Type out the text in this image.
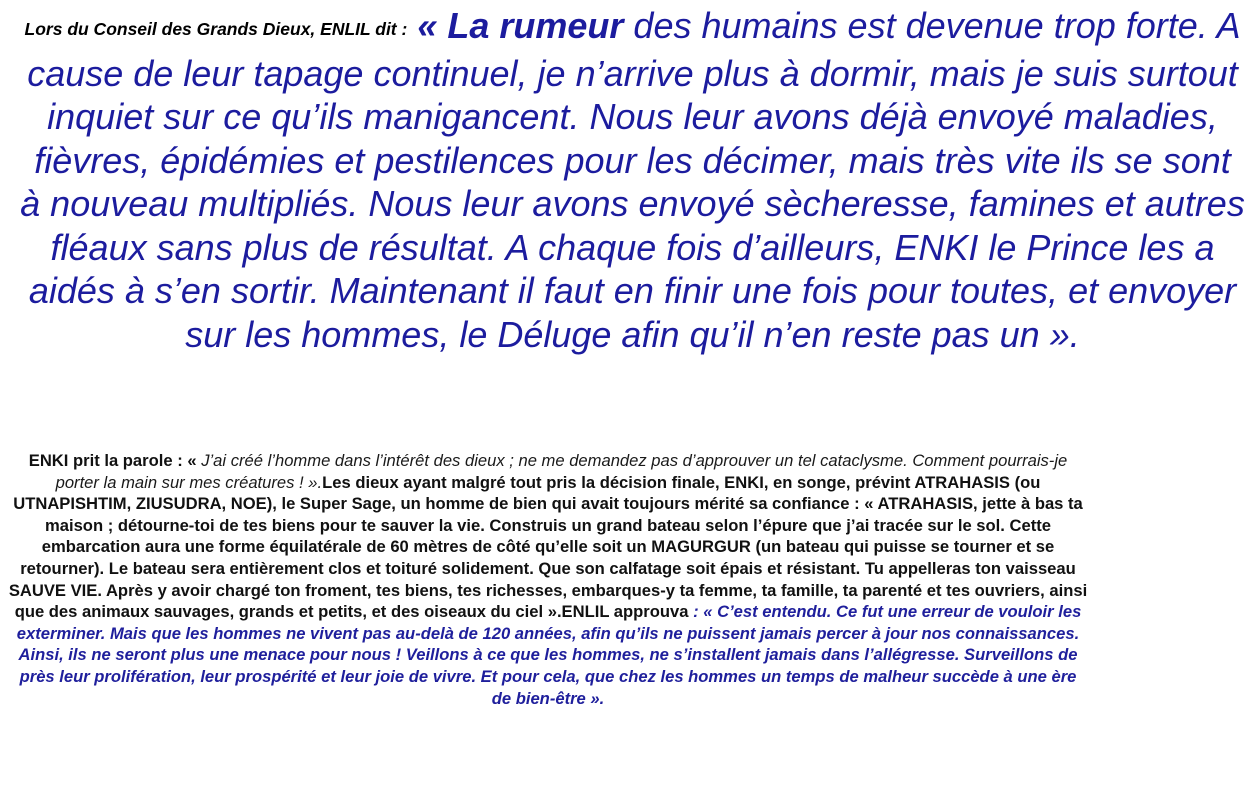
Lors du Conseil des Grands Dieux, ENLIL dit : « La rumeur des humains est devenue trop forte. A cause de leur tapage continuel, je n’arrive plus à dormir, mais je suis surtout inquiet sur ce qu’ils manigancent. Nous leur avons déjà envoyé maladies, fièvres, épidémies et pestilences pour les décimer, mais très vite ils se sont à nouveau multipliés. Nous leur avons envoyé sècheresse, famines et autres fléaux sans plus de résultat. A chaque fois d’ailleurs, ENKI le Prince les a aidés à s’en sortir. Maintenant il faut en finir une fois pour toutes, et envoyer sur les hommes, le Déluge afin qu’il n’en reste pas un ».

ENKI prit la parole : « J’ai créé l’homme dans l’intérêt des dieux ; ne me demandez pas d’approuver un tel cataclysme. Comment pourrais-je porter la main sur mes créatures ! ».Les dieux ayant malgré tout pris la décision finale, ENKI, en songe, prévint ATRAHASIS (ou UTNAPISHTIM, ZIUSUDRA, NOE), le Super Sage, un homme de bien qui avait toujours mérité sa confiance : « ATRAHASIS, jette à bas ta maison ; détourne-toi de tes biens pour te sauver la vie. Construis un grand bateau selon l’épure que j’ai tracée sur le sol. Cette embarcation aura une forme équilatérale de 60 mètres de côté qu’elle soit un MAGURGUR (un bateau qui puisse se tourner et se retourner). Le bateau sera entièrement clos et toituré solidement. Que son calfatage soit épais et résistant. Tu appelleras ton vaisseau SAUVE VIE. Après y avoir chargé ton froment, tes biens, tes richesses, embarques-y ta femme, ta famille, ta parenté et tes ouvriers, ainsi que des animaux sauvages, grands et petits, et des oiseaux du ciel ».ENLIL approuva : « C’est entendu. Ce fut une erreur de vouloir les exterminer. Mais que les hommes ne vivent pas au-delà de 120 années, afin qu’ils ne puissent jamais percer à jour nos connaissances. Ainsi, ils ne seront plus une menace pour nous ! Veillons à ce que les hommes, ne s’installent jamais dans l’allégresse. Surveillons de près leur prolifération, leur prospérité et leur joie de vivre. Et pour cela, que chez les hommes un temps de malheur succède à une ère de bien-être ».
